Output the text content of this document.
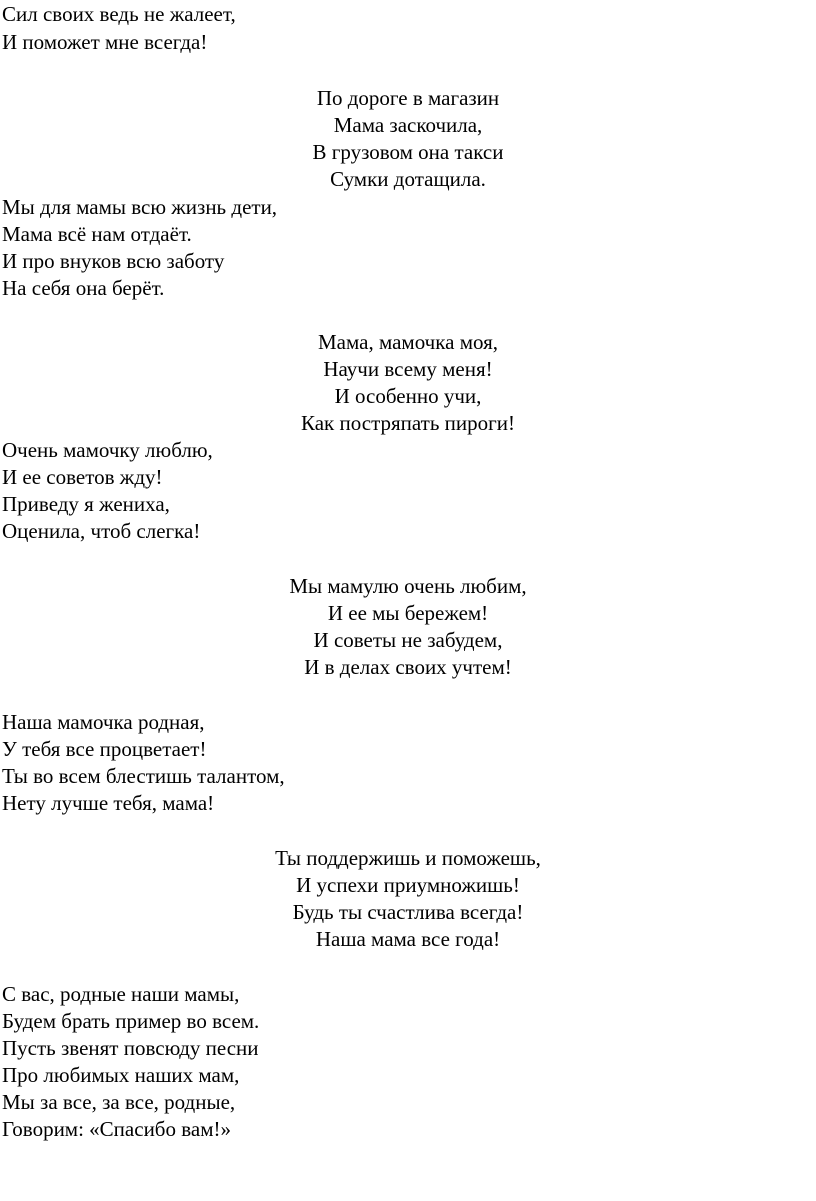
Сил своих ведь не жалеет,
И поможет мне всегда!
По дороге в магазин
Мама заскочила,
В грузовом она такси
Сумки дотащила.
Мы для мамы всю жизнь дети,
Мама всё нам отдаёт.
И про внуков всю заботу
На себя она берёт.
Мама, мамочка моя,
Научи всему меня!
И особенно учи,
Как постряпать пироги!
Очень мамочку люблю,
И ее советов жду!
Приведу я жениха,
Оценила, чтоб слегка!
Мы мамулю очень любим,
И ее мы бережем!
И советы не забудем,
И в делах своих учтем!
Наша мамочка родная,
У тебя все процветает!
Ты во всем блестишь талантом,
Нету лучше тебя, мама!
Ты поддержишь и поможешь,
И успехи приумножишь!
Будь ты счастлива всегда!
Наша мама все года!
С вас, родные наши мамы,
Будем брать пример во всем.
Пусть звенят повсюду песни
Про любимых наших мам,
Мы за все, за все, родные,
Говорим: «Спасибо вам!»
